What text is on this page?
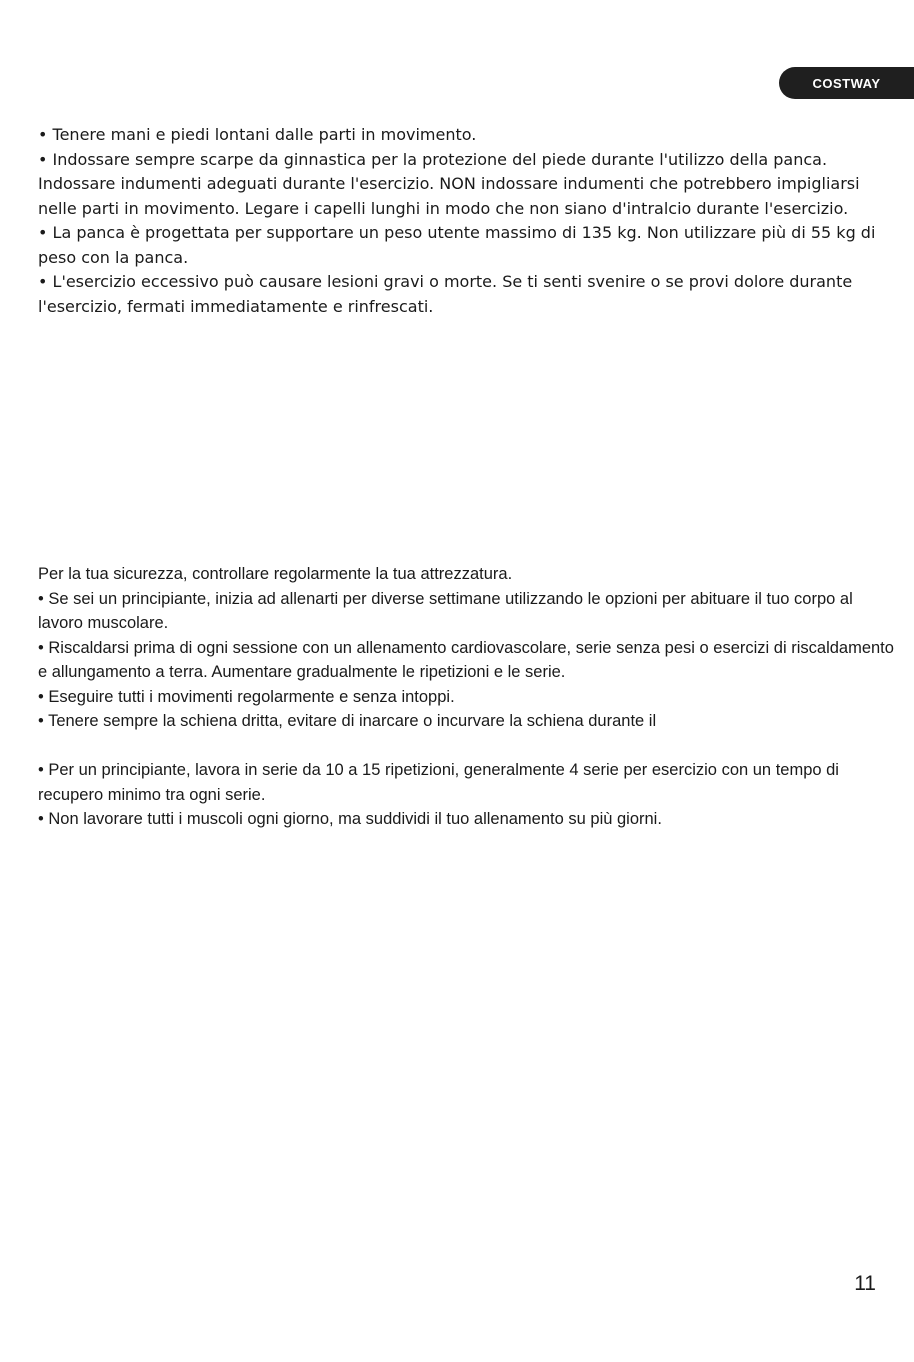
COSTWAY

• Tenere mani e piedi lontani dalle parti in movimento.

• Indossare sempre scarpe da ginnastica per la protezione del piede durante l'utilizzo della panca. Indossare indumenti adeguati durante l'esercizio. NON indossare indumenti che potrebbero impigliarsi nelle parti in movimento. Legare i capelli lunghi in modo che non siano d'intralcio durante l'esercizio.

• La panca è progettata per supportare un peso utente massimo di 135 kg. Non utilizzare più di 55 kg di peso con la panca.

• L'esercizio eccessivo può causare lesioni gravi o morte. Se ti senti svenire o se provi dolore durante l'esercizio, fermati immediatamente e rinfrescati.

Per la tua sicurezza, controllare regolarmente la tua attrezzatura.

• Se sei un principiante, inizia ad allenarti per diverse settimane utilizzando le opzioni per abituare il tuo corpo al lavoro muscolare.

• Riscaldarsi prima di ogni sessione con un allenamento cardiovascolare, serie senza pesi o esercizi di riscaldamento e allungamento a terra. Aumentare gradualmente le ripetizioni e le serie.

• Eseguire tutti i movimenti regolarmente e senza intoppi.

• Tenere sempre la schiena dritta, evitare di inarcare o incurvare la schiena durante il

• Per un principiante, lavora in serie da 10 a 15 ripetizioni, generalmente 4 serie per esercizio con un tempo di recupero minimo tra ogni serie.

• Non lavorare tutti i muscoli ogni giorno, ma suddividi il tuo allenamento su più giorni.

11
